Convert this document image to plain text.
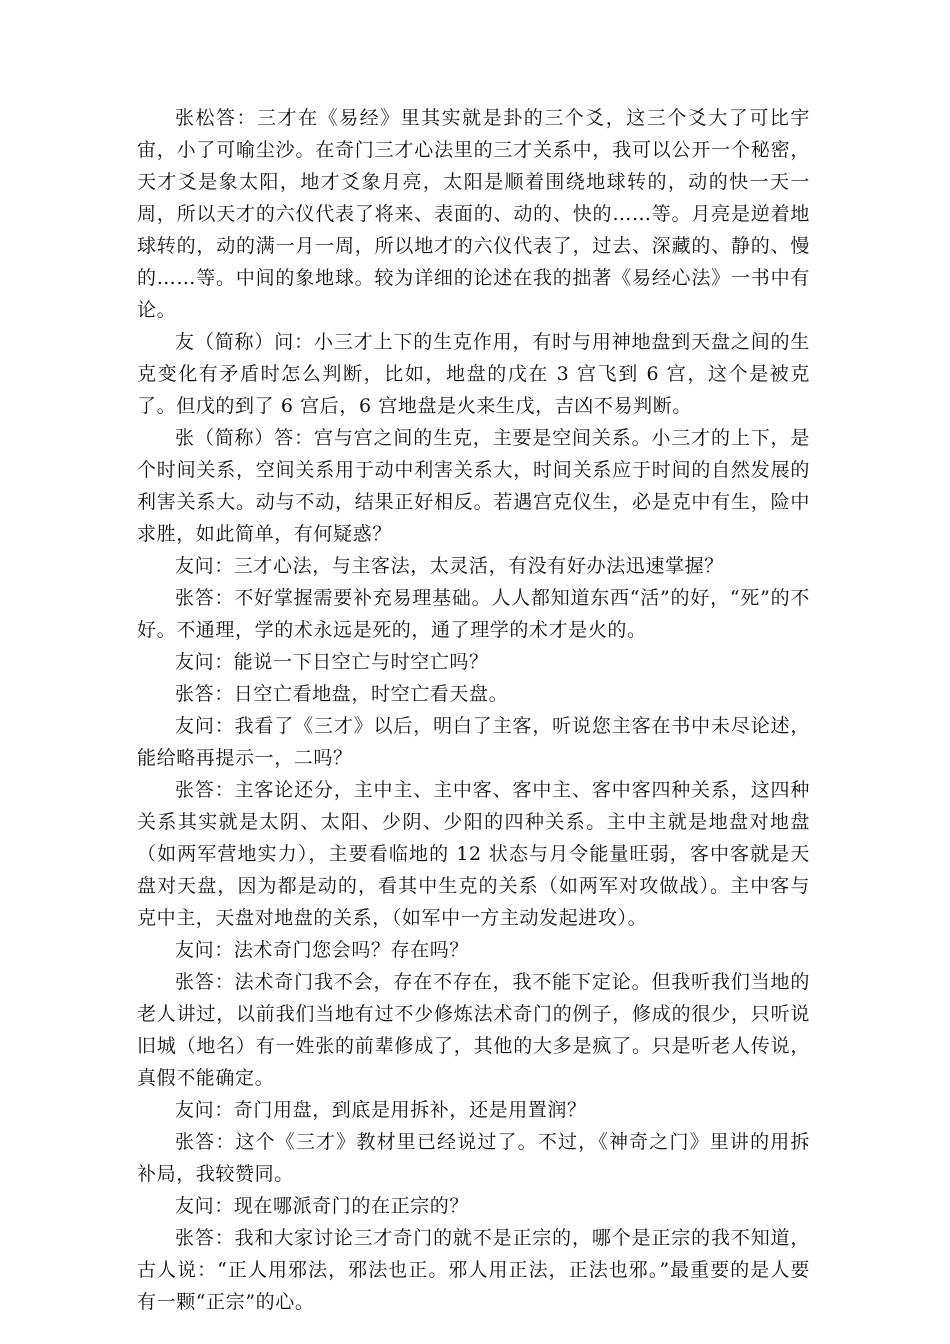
张松答：三才在《易经》里其实就是卦的三个爻，这三个爻大了可比宇宙，小了可喻尘沙。在奇门三才心法里的三才关系中，我可以公开一个秘密，天才爻是象太阳，地才爻象月亮，太阳是顺着围绕地球转的，动的快一天一周，所以天才的六仪代表了将来、表面的、动的、快的……等。月亮是逆着地球转的，动的满一月一周，所以地才的六仪代表了，过去、深藏的、静的、慢的……等。中间的象地球。较为详细的论述在我的拙著《易经心法》一书中有论。

友（简称）问：小三才上下的生克作用，有时与用神地盘到天盘之间的生克变化有矛盾时怎么判断，比如，地盘的戊在 3 宫飞到 6 宫，这个是被克了。但戊的到了 6 宫后，6 宫地盘是火来生戊，吉凶不易判断。

张（简称）答：宫与宫之间的生克，主要是空间关系。小三才的上下，是个时间关系，空间关系用于动中利害关系大，时间关系应于时间的自然发展的利害关系大。动与不动，结果正好相反。若遇宫克仪生，必是克中有生，险中求胜，如此简单，有何疑惑？

友问：三才心法，与主客法，太灵活，有没有好办法迅速掌握？

张答：不好掌握需要补充易理基础。人人都知道东西“活”的好，“死”的不好。不通理，学的术永远是死的，通了理学的术才是火的。

友问：能说一下日空亡与时空亡吗？

张答：日空亡看地盘，时空亡看天盘。

友问：我看了《三才》以后，明白了主客，听说您主客在书中未尽论述，能给略再提示一，二吗？

张答：主客论还分，主中主、主中客、客中主、客中客四种关系，这四种关系其实就是太阴、太阳、少阴、少阳的四种关系。主中主就是地盘对地盘（如两军营地实力），主要看临地的 12 状态与月令能量旺弱，客中客就是天盘对天盘，因为都是动的，看其中生克的关系（如两军对攻做战）。主中客与克中主，天盘对地盘的关系，（如军中一方主动发起进攻）。

友问：法术奇门您会吗？存在吗？

张答：法术奇门我不会，存在不存在，我不能下定论。但我听我们当地的老人讲过，以前我们当地有过不少修炼法术奇门的例子，修成的很少，只听说旧城（地名）有一姓张的前辈修成了，其他的大多是疯了。只是听老人传说，真假不能确定。

友问：奇门用盘，到底是用拆补，还是用置润？

张答：这个《三才》教材里已经说过了。不过，《神奇之门》里讲的用拆补局，我较赞同。

友问：现在哪派奇门的在正宗的？

张答：我和大家讨论三才奇门的就不是正宗的，哪个是正宗的我不知道，古人说：“正人用邪法，邪法也正。邪人用正法，正法也邪。”最重要的是人要有一颗“正宗”的心。
